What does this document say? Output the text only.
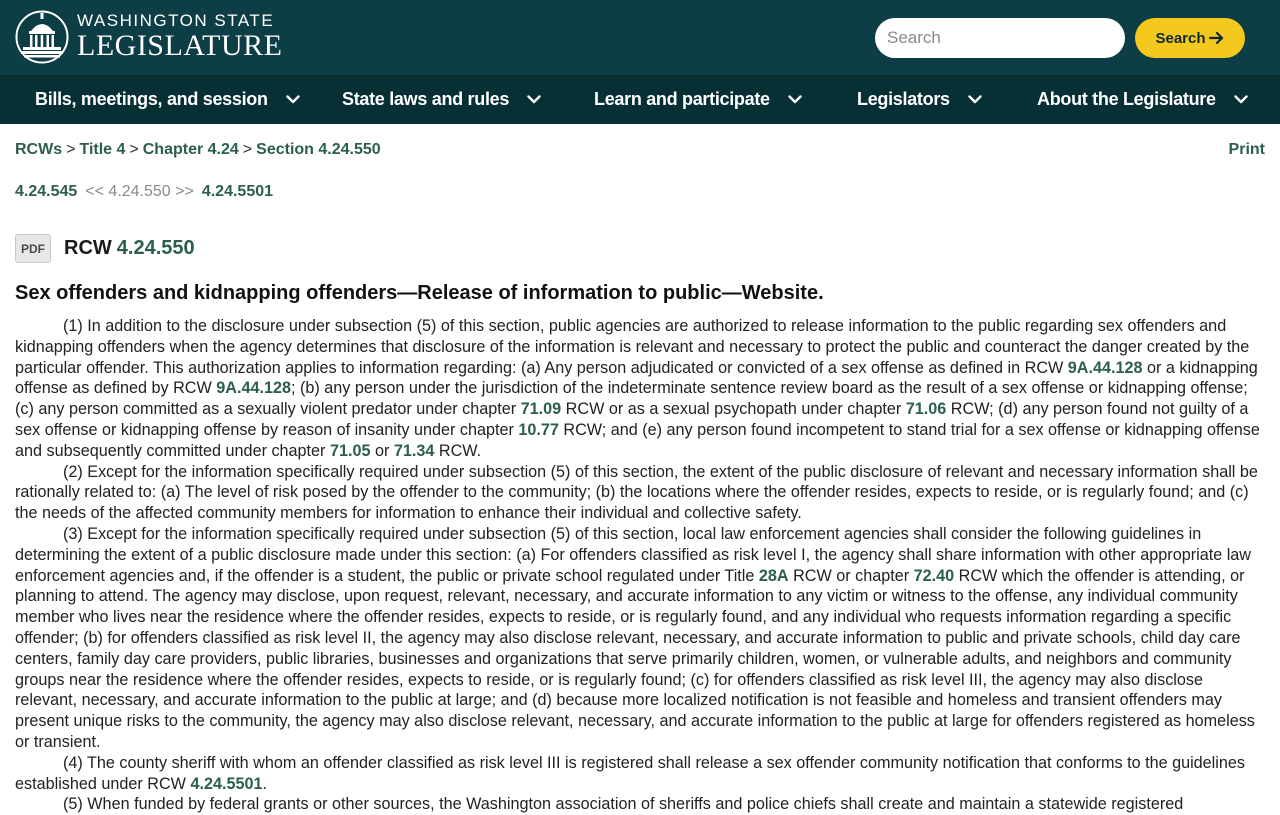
WASHINGTON STATE
LEGISLATURE
Search	Search
Bills, meetings, and session	State laws and rules	Learn and participate	Legislators	About the Legislature
RCWs > Title 4 > Chapter 4.24 > Section 4.24.550	Print
4.24.545 << 4.24.550 >> 4.24.5501
PDF RCW 4.24.550
Sex offenders and kidnapping offenders—Release of information to public—Website.

(1) In addition to the disclosure under subsection (5) of this section, public agencies are authorized to release information to the public regarding sex offenders and kidnapping offenders when the agency determines that disclosure of the information is relevant and necessary to protect the public and counteract the danger created by the particular offender. This authorization applies to information regarding: (a) Any person adjudicated or convicted of a sex offense as defined in RCW 9A.44.128 or a kidnapping offense as defined by RCW 9A.44.128; (b) any person under the jurisdiction of the indeterminate sentence review board as the result of a sex offense or kidnapping offense; (c) any person committed as a sexually violent predator under chapter 71.09 RCW or as a sexual psychopath under chapter 71.06 RCW; (d) any person found not guilty of a sex offense or kidnapping offense by reason of insanity under chapter 10.77 RCW; and (e) any person found incompetent to stand trial for a sex offense or kidnapping offense and subsequently committed under chapter 71.05 or 71.34 RCW.

(2) Except for the information specifically required under subsection (5) of this section, the extent of the public disclosure of relevant and necessary information shall be rationally related to: (a) The level of risk posed by the offender to the community; (b) the locations where the offender resides, expects to reside, or is regularly found; and (c) the needs of the affected community members for information to enhance their individual and collective safety.

(3) Except for the information specifically required under subsection (5) of this section, local law enforcement agencies shall consider the following guidelines in determining the extent of a public disclosure made under this section: (a) For offenders classified as risk level I, the agency shall share information with other appropriate law enforcement agencies and, if the offender is a student, the public or private school regulated under Title 28A RCW or chapter 72.40 RCW which the offender is attending, or planning to attend. The agency may disclose, upon request, relevant, necessary, and accurate information to any victim or witness to the offense, any individual community member who lives near the residence where the offender resides, expects to reside, or is regularly found, and any individual who requests information regarding a specific offender; (b) for offenders classified as risk level II, the agency may also disclose relevant, necessary, and accurate information to public and private schools, child day care centers, family day care providers, public libraries, businesses and organizations that serve primarily children, women, or vulnerable adults, and neighbors and community groups near the residence where the offender resides, expects to reside, or is regularly found; (c) for offenders classified as risk level III, the agency may also disclose relevant, necessary, and accurate information to the public at large; and (d) because more localized notification is not feasible and homeless and transient offenders may present unique risks to the community, the agency may also disclose relevant, necessary, and accurate information to the public at large for offenders registered as homeless or transient.

(4) The county sheriff with whom an offender classified as risk level III is registered shall release a sex offender community notification that conforms to the guidelines established under RCW 4.24.5501.

(5) When funded by federal grants or other sources, the Washington association of sheriffs and police chiefs shall create and maintain a statewide registered
